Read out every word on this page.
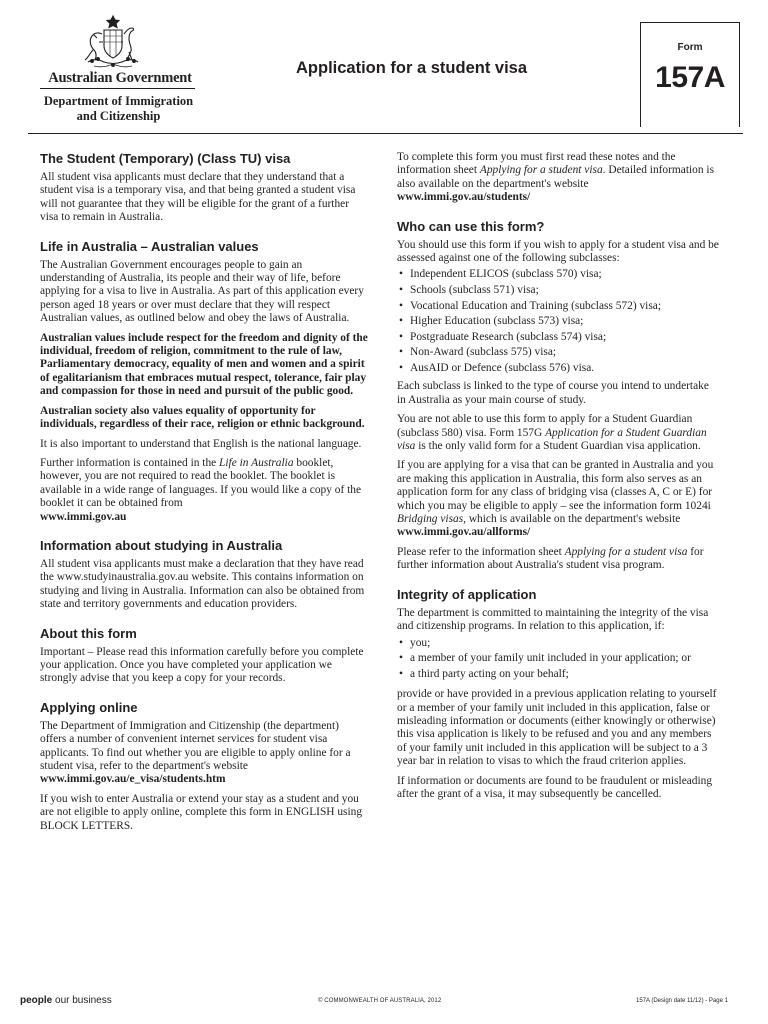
Australian Government
Department of Immigration
and Citizenship
Application for a student visa
Form
157A
The Student (Temporary) (Class TU) visa

All student visa applicants must declare that they understand that a student visa is a temporary visa, and that being granted a student visa will not guarantee that they will be eligible for the grant of a further visa to remain in Australia.

Life in Australia – Australian values

The Australian Government encourages people to gain an understanding of Australia, its people and their way of life, before applying for a visa to live in Australia. As part of this application every person aged 18 years or over must declare that they will respect Australian values, as outlined below and obey the laws of Australia.

Australian values include respect for the freedom and dignity of the individual, freedom of religion, commitment to the rule of law, Parliamentary democracy, equality of men and women and a spirit of egalitarianism that embraces mutual respect, tolerance, fair play and compassion for those in need and pursuit of the public good.

Australian society also values equality of opportunity for individuals, regardless of their race, religion or ethnic background.

It is also important to understand that English is the national language.

Further information is contained in the Life in Australia booklet, however, you are not required to read the booklet. The booklet is available in a wide range of languages. If you would like a copy of the booklet it can be obtained from
www.immi.gov.au

Information about studying in Australia

All student visa applicants must make a declaration that they have read the www.studyinaustralia.gov.au website. This contains information on studying and living in Australia. Information can also be obtained from state and territory governments and education providers.

About this form

Important – Please read this information carefully before you complete your application. Once you have completed your application we strongly advise that you keep a copy for your records.

Applying online

The Department of Immigration and Citizenship (the department) offers a number of convenient internet services for student visa applicants. To find out whether you are eligible to apply online for a student visa, refer to the department's website
www.immi.gov.au/e_visa/students.htm

If you wish to enter Australia or extend your stay as a student and you are not eligible to apply online, complete this form in ENGLISH using BLOCK LETTERS.

To complete this form you must first read these notes and the information sheet Applying for a student visa. Detailed information is also available on the department's website
www.immi.gov.au/students/

Who can use this form?

You should use this form if you wish to apply for a student visa and be assessed against one of the following subclasses:

• Independent ELICOS (subclass 570) visa;
• Schools (subclass 571) visa;
• Vocational Education and Training (subclass 572) visa;
• Higher Education (subclass 573) visa;
• Postgraduate Research (subclass 574) visa;
• Non-Award (subclass 575) visa;
• AusAID or Defence (subclass 576) visa.

Each subclass is linked to the type of course you intend to undertake in Australia as your main course of study.

You are not able to use this form to apply for a Student Guardian (subclass 580) visa. Form 157G Application for a Student Guardian visa is the only valid form for a Student Guardian visa application.

If you are applying for a visa that can be granted in Australia and you are making this application in Australia, this form also serves as an application form for any class of bridging visa (classes A, C or E) for which you may be eligible to apply – see the information form 1024i Bridging visas, which is available on the department's website www.immi.gov.au/allforms/

Please refer to the information sheet Applying for a student visa for further information about Australia's student visa program.

Integrity of application

The department is committed to maintaining the integrity of the visa and citizenship programs. In relation to this application, if:

• you;
• a member of your family unit included in your application; or
• a third party acting on your behalf;

provide or have provided in a previous application relating to yourself or a member of your family unit included in this application, false or misleading information or documents (either knowingly or otherwise) this visa application is likely to be refused and you and any members of your family unit included in this application will be subject to a 3 year bar in relation to visas to which the fraud criterion applies.

If information or documents are found to be fraudulent or misleading after the grant of a visa, it may subsequently be cancelled.

people our business	© COMMONWEALTH OF AUSTRALIA, 2012	157A (Design date 11/12) - Page 1
